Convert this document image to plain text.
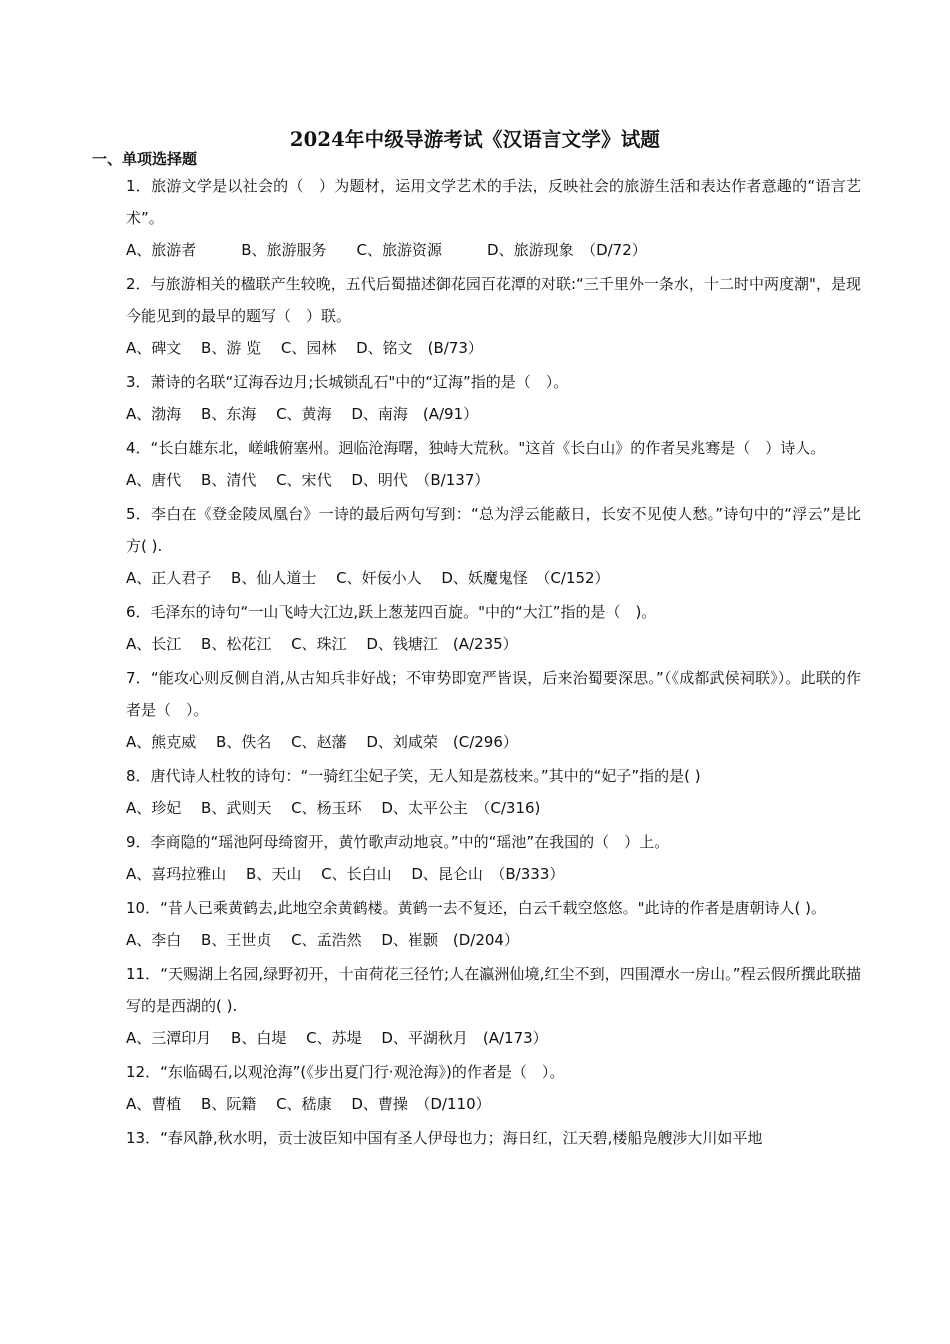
2024年中级导游考试《汉语言文学》试题
一、单项选择题

1．旅游文学是以社会的（　）为题材，运用文学艺术的手法，反映社会的旅游生活和表达作者意趣的“语言艺术”。

A、旅游者　　　B、旅游服务　　C、旅游资源　　　D、旅游现象　（D/72）

2．与旅游相关的楹联产生较晚，五代后蜀描述御花园百花潭的对联:“三千里外一条水，十二时中两度潮"，是现今能见到的最早的题写（　）联。

A、碑文　 B、游 览　 C、园林　 D、铭文　(B/73）

3．萧诗的名联“辽海吞边月;长城锁乱石"中的“辽海”指的是（　）。

A、渤海　 B、东海　 C、黄海　 D、南海　(A/91）

4．“长白雄东北，嵯峨俯塞州。迥临沧海曙，独峙大荒秋。"这首《长白山》的作者吴兆骞是（　）诗人。

A、唐代　 B、清代　 C、宋代　 D、明代　（B/137）

5．李白在《登金陵凤凰台》一诗的最后两句写到：“总为浮云能蔽日，长安不见使人愁。”诗句中的“浮云”是比方( ).

A、正人君子　 B、仙人道士　 C、奸佞小人　 D、妖魔鬼怪　（C/152）

6．毛泽东的诗句“一山飞峙大江边,跃上葱茏四百旋。"中的“大江”指的是（　)。

A、长江　 B、松花江　 C、珠江　 D、钱塘江　(A/235）

7．“能攻心则反侧自消,从古知兵非好战；不审势即宽严皆误，后来治蜀要深思。”（《成都武侯祠联》）。此联的作者是（　）。

A、熊克威　 B、佚名　 C、赵藩　 D、刘咸荣　(C/296）

8．唐代诗人杜牧的诗句：“一骑红尘妃子笑，无人知是荔枝来。”其中的“妃子”指的是( )

A、珍妃　 B、武则天　 C、杨玉环　 D、太平公主　（C/316)

9．李商隐的“瑶池阿母绮窗开，黄竹歌声动地哀。”中的“瑶池”在我国的（　）上。

A、喜玛拉雅山　 B、天山　 C、长白山　 D、昆仑山　（B/333）

10．“昔人已乘黄鹤去,此地空余黄鹤楼。黄鹤一去不复还，白云千载空悠悠。"此诗的作者是唐朝诗人( )。

A、李白　 B、王世贞　 C、孟浩然　 D、崔颢　(D/204）

11．“天赐湖上名园,绿野初开，十亩荷花三径竹;人在瀛洲仙境,红尘不到，四围潭水一房山。”程云假所撰此联描写的是西湖的( ).

A、三潭印月　 B、白堤　 C、苏堤　 D、平湖秋月　(A/173）

12．“东临碣石,以观沧海”(《步出夏门行·观沧海》)的作者是（　）。

A、曹植　 B、阮籍　 C、嵇康　 D、曹操　（D/110）

13．“春风静,秋水明，贡士波臣知中国有圣人伊母也力；海日红，江天碧,楼船凫艘涉大川如平地
